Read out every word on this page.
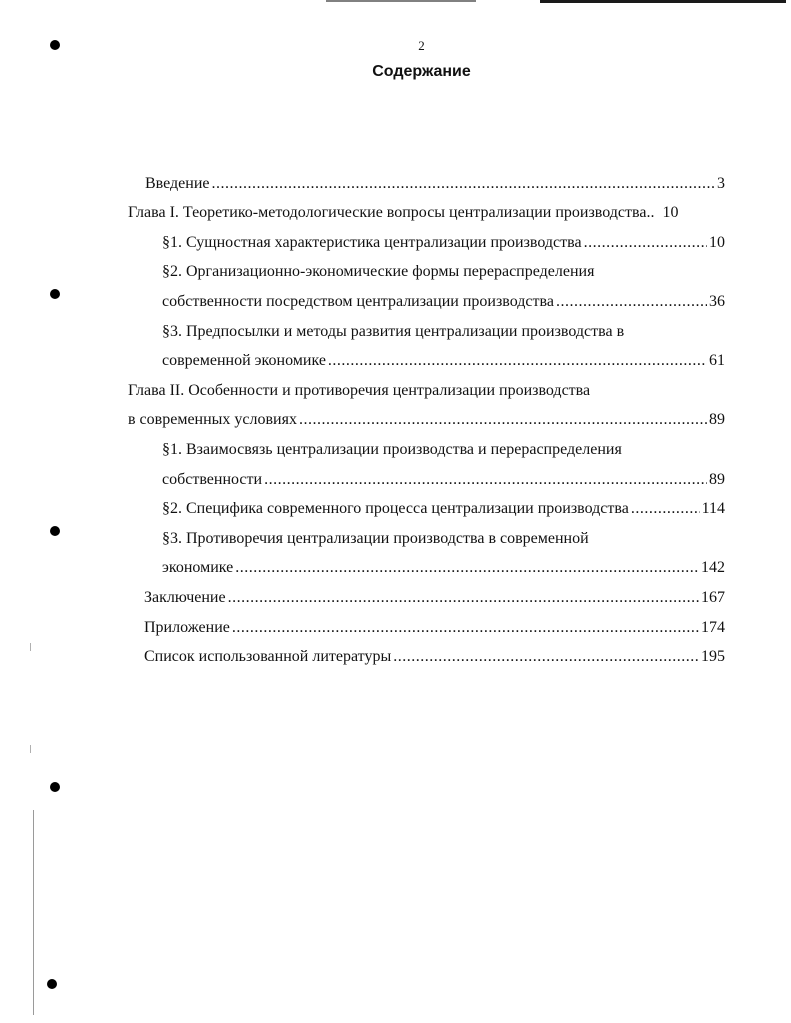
2
Содержание
Введение .....	3
Глава I. Теоретико-методологические вопросы централизации производства.. 10
§1. Сущностная характеристика централизации производства .....	10
§2. Организационно-экономические формы перераспределения
собственности посредством централизации производства .....	36
§3. Предпосылки и методы развития централизации производства в
современной экономике .....	61
Глава II. Особенности и противоречия централизации производства
в современных условиях .....	89
§1. Взаимосвязь централизации производства и перераспределения
собственности .....	89
§2. Специфика современного процесса централизации производства .....	114
§3. Противоречия централизации производства в современной
экономике .....	142
Заключение .....	167
Приложение .....	174
Список использованной литературы .....	195
